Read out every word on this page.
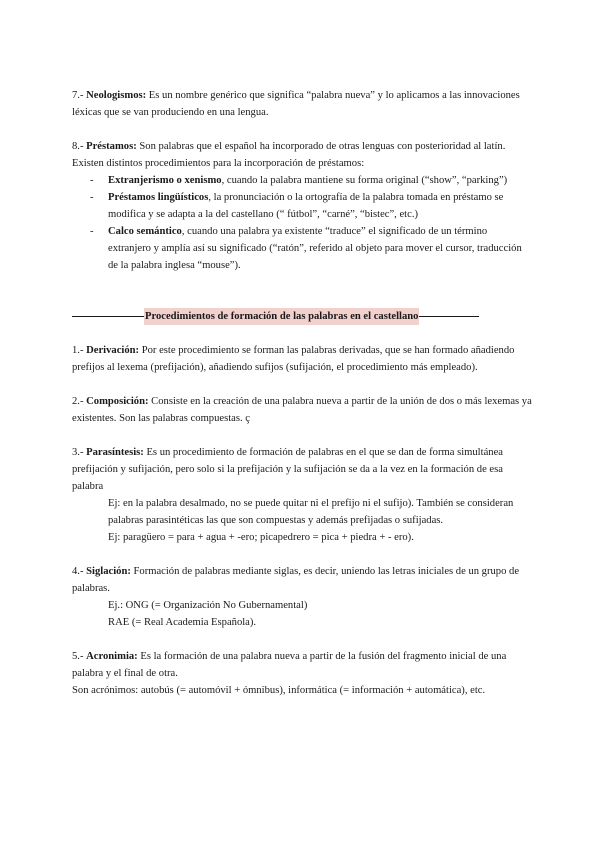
7.- Neologismos: Es un nombre genérico que significa “palabra nueva” y lo aplicamos a las innovaciones léxicas que se van produciendo en una lengua.

8.- Préstamos: Son palabras que el español ha incorporado de otras lenguas con posterioridad al latín.

Existen distintos procedimientos para la incorporación de préstamos:

- Extranjerismo o xenismo, cuando la palabra mantiene su forma original (“show”, “parking”)
- Préstamos lingüísticos, la pronunciación o la ortografía de la palabra tomada en préstamo se modifica y se adapta a la del castellano (“ fútbol”, “carné”, “bistec”, etc.)
- Calco semántico, cuando una palabra ya existente “traduce” el significado de un término extranjero y amplía así su significado (“ratón”, referido al objeto para mover el cursor, traducción de la palabra inglesa “mouse”).
Procedimientos de formación de las palabras en el castellano

1.- Derivación: Por este procedimiento se forman las palabras derivadas, que se han formado añadiendo prefijos al lexema (prefijación), añadiendo sufijos (sufijación, el procedimiento más empleado).

2.- Composición: Consiste en la creación de una palabra nueva a partir de la unión de dos o más lexemas ya existentes. Son las palabras compuestas. ç

3.- Parasíntesis: Es un procedimiento de formación de palabras en el que se dan de forma simultánea prefijación y sufijación, pero solo si la prefijación y la sufijación se da a la vez en la formación de esa palabra

Ej: en la palabra desalmado, no se puede quitar ni el prefijo ni el sufijo). También se consideran palabras parasintéticas las que son compuestas y además prefijadas o sufijadas.

Ej: paragüero = para + agua + -ero; picapedrero = pica + piedra + - ero).

4.- Siglación: Formación de palabras mediante siglas, es decir, uniendo las letras iniciales de un grupo de palabras.

Ej.: ONG (= Organización No Gubernamental)

RAE (= Real Academia Española).

5.- Acronimia: Es la formación de una palabra nueva a partir de la fusión del fragmento inicial de una palabra y el final de otra.

Son acrónimos: autobús (= automóvil + ómnibus), informática (= información + automática), etc.
